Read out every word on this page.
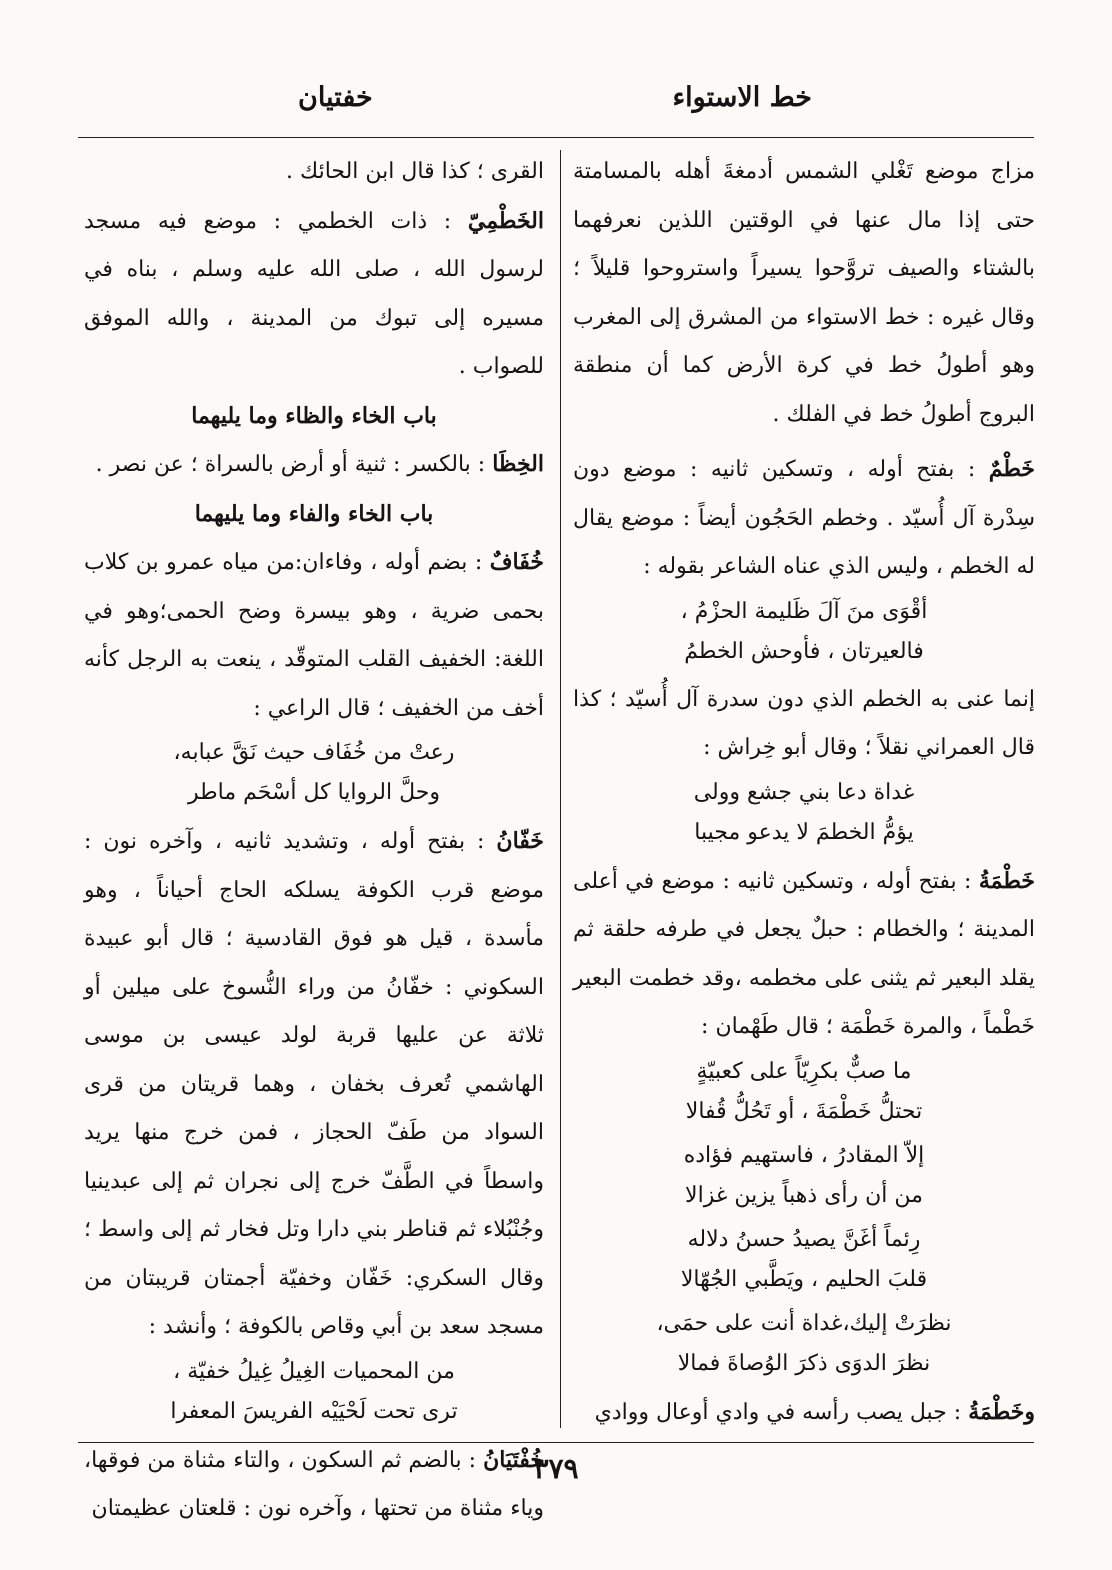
خط الاستواء
خفتيان

مزاج موضع تَغْلي الشمس أدمغةَ أهله بالمسامتة حتى إذا مال عنها في الوقتين اللذين نعرفهما بالشتاء والصيف تروَّحوا يسيراً واستروحوا قليلاً ؛ وقال غيره : خط الاستواء من المشرق إلى المغرب وهو أطولُ خط في كرة الأرض كما أن منطقة البروج أطولُ خط في الفلك .

خَطْمٌ : بفتح أوله ، وتسكين ثانيه : موضع دون سِدْرة آل أُسيّد . وخطم الحَجُون أيضاً : موضع يقال له الخطم ، وليس الذي عناه الشاعر بقوله :

أقْوَى منَ آلَ ظَليمة الحزْمُ ،

فالعيرتان ، فأوحش الخطمُ

إنما عنى به الخطم الذي دون سدرة آل أُسيّد ؛ كذا قال العمراني نقلاً ؛ وقال أبو خِراش :

غداة دعا بني جشع وولى

يؤمُّ الخطمَ لا يدعو مجيبا

خَطْمَةُ : بفتح أوله ، وتسكين ثانيه : موضع في أعلى المدينة ؛ والخطام : حبلٌ يجعل في طرفه حلقة ثم يقلد البعير ثم يثنى على مخطمه ،وقد خطمت البعير خَطْماً ، والمرة خَطْمَة ؛ قال طَهْمان :

ما صبٌّ بكرِيّاً على كعبيّةٍ

تحتلُّ خَطْمَةَ ، أو تَحُلُّ قُفالا

إلاّ المقادرُ ، فاستهيم فؤاده

من أن رأى ذهباً يزين غزالا

رِئماً أغَنَّ يصيدُ حسنُ دلاله

قلبَ الحليم ، ويَطَّبي الجُهّالا

نظرَتْ إليك،غداة أنت على حمَى،

نظرَ الدوَى ذكرَ الوُصاةَ فمالا

وخَطْمَةُ : جبل يصب رأسه في وادي أوعال ووادي

القرى ؛ كذا قال ابن الحائك .

الخَطْمِيّ : ذات الخطمي : موضع فيه مسجد لرسول الله ، صلى الله عليه وسلم ، بناه في مسيره إلى تبوك من المدينة ، والله الموفق للصواب .

باب الخاء والظاء وما يليهما

الخِظَا : بالكسر : ثنية أو أرض بالسراة ؛ عن نصر .

باب الخاء والفاء وما يليهما

خُفَافٌ : بضم أوله ، وفاءان:من مياه عمرو بن كلاب بحمى ضرية ، وهو بيسرة وضح الحمى؛وهو في اللغة: الخفيف القلب المتوقّد ، ينعت به الرجل كأنه أخف من الخفيف ؛ قال الراعي :

رعتْ من خُفَاف حيث نَقَّ عبابه،

وحلَّ الروايا كل أسْحَم ماطر

خَفّانُ : بفتح أوله ، وتشديد ثانيه ، وآخره نون : موضع قرب الكوفة يسلكه الحاج أحياناً ، وهو مأسدة ، قيل هو فوق القادسية ؛ قال أبو عبيدة السكوني : خفّانُ من وراء النُّسوخ على ميلين أو ثلاثة عن عليها قربة لولد عيسى بن موسى الهاشمي تُعرف بخفان ، وهما قريتان من قرى السواد من طَفّ الحجاز ، فمن خرج منها يريد واسطاً في الطَّفّ خرج إلى نجران ثم إلى عبدينيا وجُنْبُلاء ثم قناطر بني دارا وتل فخار ثم إلى واسط ؛ وقال السكري: خَفّان وخفيّة أجمتان قريبتان من مسجد سعد بن أبي وقاص بالكوفة ؛ وأنشد :

من المحميات الغِيلُ غِيلُ خفيّة ،

ترى تحت لَحْيَيْه الفريسَ المعفرا

خُفْتَيَانُ : بالضم ثم السكون ، والتاء مثناة من فوقها، وياء مثناة من تحتها ، وآخره نون : قلعتان عظيمتان

٣٧٩
